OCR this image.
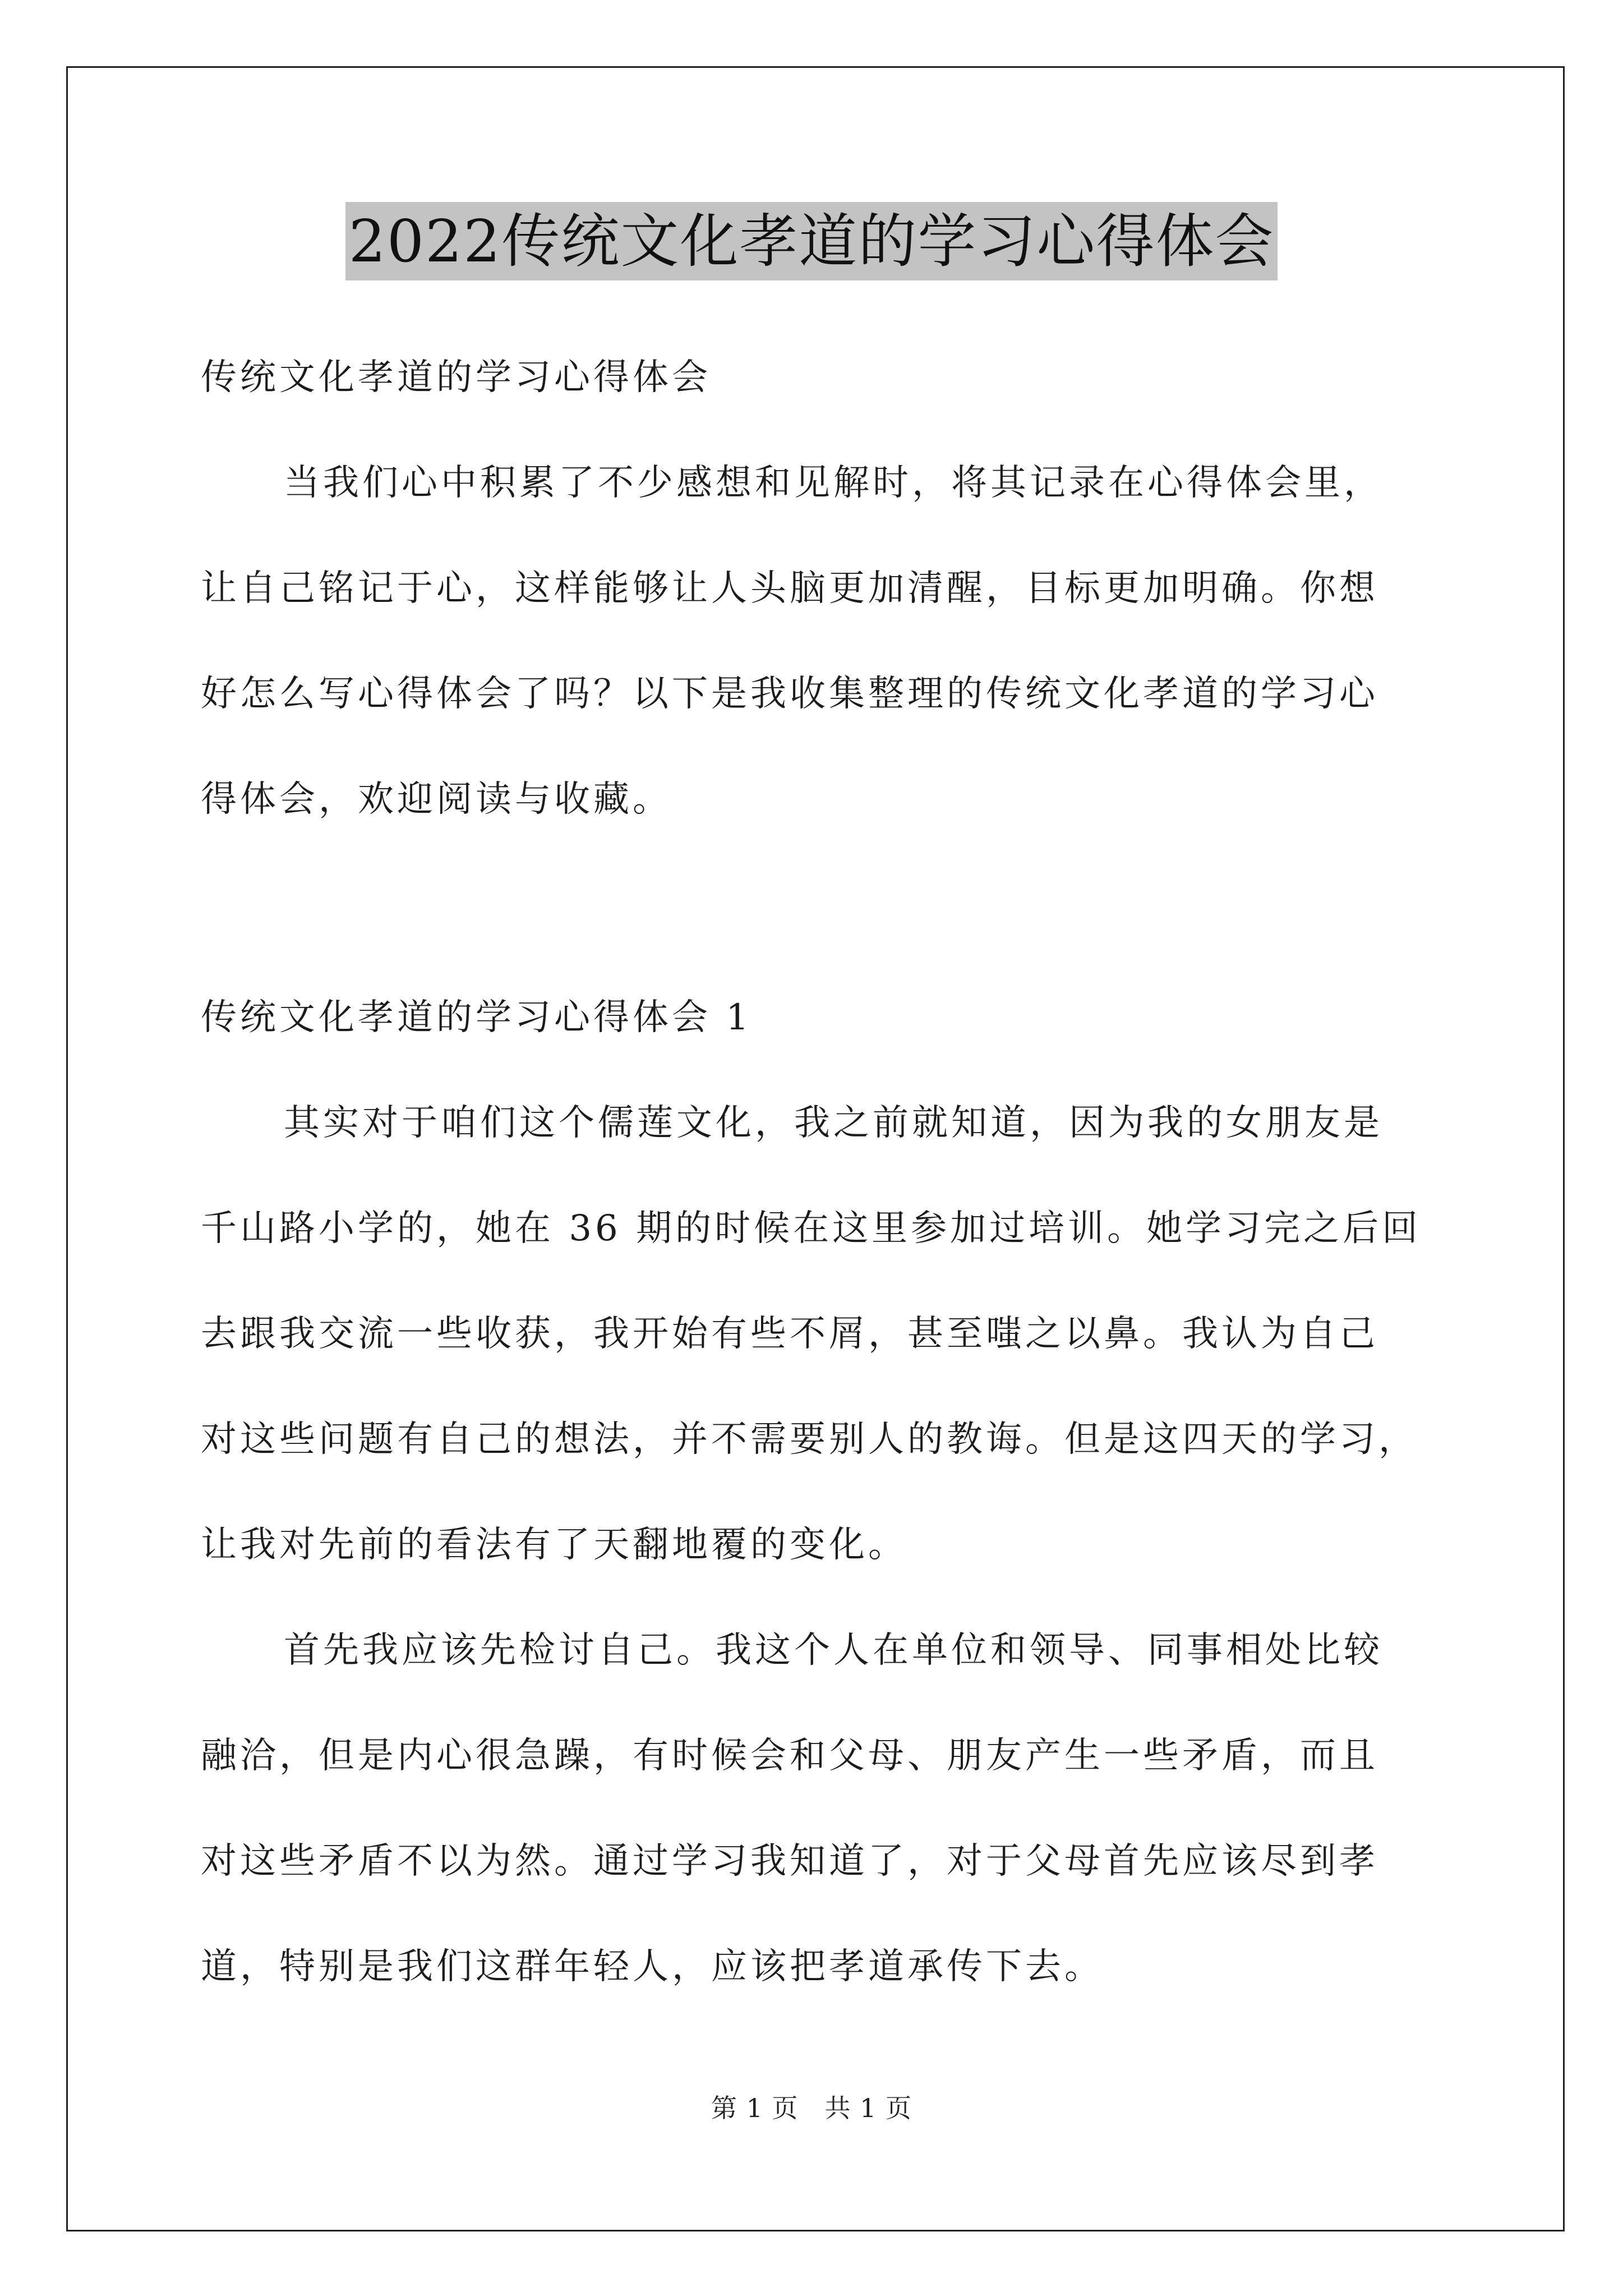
2022传统文化孝道的学习心得体会
传统文化孝道的学习心得体会
当我们心中积累了不少感想和见解时，将其记录在心得体会里，
让自己铭记于心，这样能够让人头脑更加清醒，目标更加明确。你想
好怎么写心得体会了吗？以下是我收集整理的传统文化孝道的学习心
得体会，欢迎阅读与收藏。
传统文化孝道的学习心得体会 1
其实对于咱们这个儒莲文化，我之前就知道，因为我的女朋友是
千山路小学的，她在 36 期的时候在这里参加过培训。她学习完之后回
去跟我交流一些收获，我开始有些不屑，甚至嗤之以鼻。我认为自己
对这些问题有自己的想法，并不需要别人的教诲。但是这四天的学习，
让我对先前的看法有了天翻地覆的变化。
首先我应该先检讨自己。我这个人在单位和领导、同事相处比较
融洽，但是内心很急躁，有时候会和父母、朋友产生一些矛盾，而且
对这些矛盾不以为然。通过学习我知道了，对于父母首先应该尽到孝
道，特别是我们这群年轻人，应该把孝道承传下去。
第 1 页　共 1 页
